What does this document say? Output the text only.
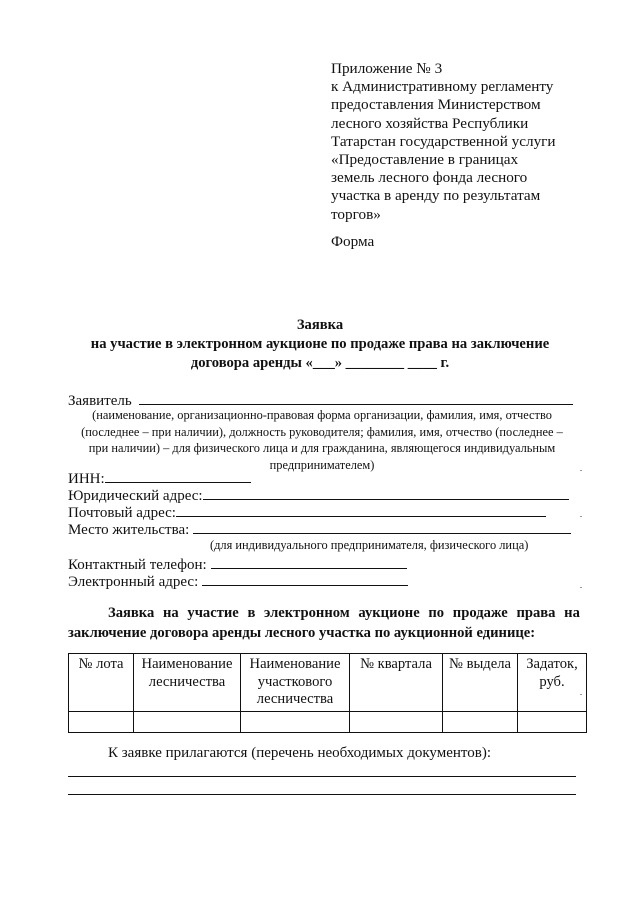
Приложение № 3
к Административному регламенту
предоставления Министерством
лесного хозяйства Республики
Татарстан государственной услуги
«Предоставление в границах
земель лесного фонда лесного
участка в аренду по результатам
торгов»
Форма
Заявка
на участие в электронном аукционе по продаже права на заключение
договора аренды «___» ________ ____ г.
Заявитель
(наименование, организационно-правовая форма организации, фамилия, имя, отчество
(последнее – при наличии), должность руководителя; фамилия, имя, отчество (последнее –
при наличии) – для физического лица и для гражданина, являющегося индивидуальным
предпринимателем)
ИНН:
Юридический адрес:
Почтовый адрес:
Место жительства:
(для индивидуального предпринимателя, физического лица)
Контактный телефон:
Электронный адрес:
Заявка на участие в электронном аукционе по продаже права на
заключение договора аренды лесного участка по аукционной единице:
№ лота	Наименование лесничества	Наименование участкового лесничества	№ квартала	№ выдела	Задаток, руб.

К заявке прилагаются (перечень необходимых документов):
